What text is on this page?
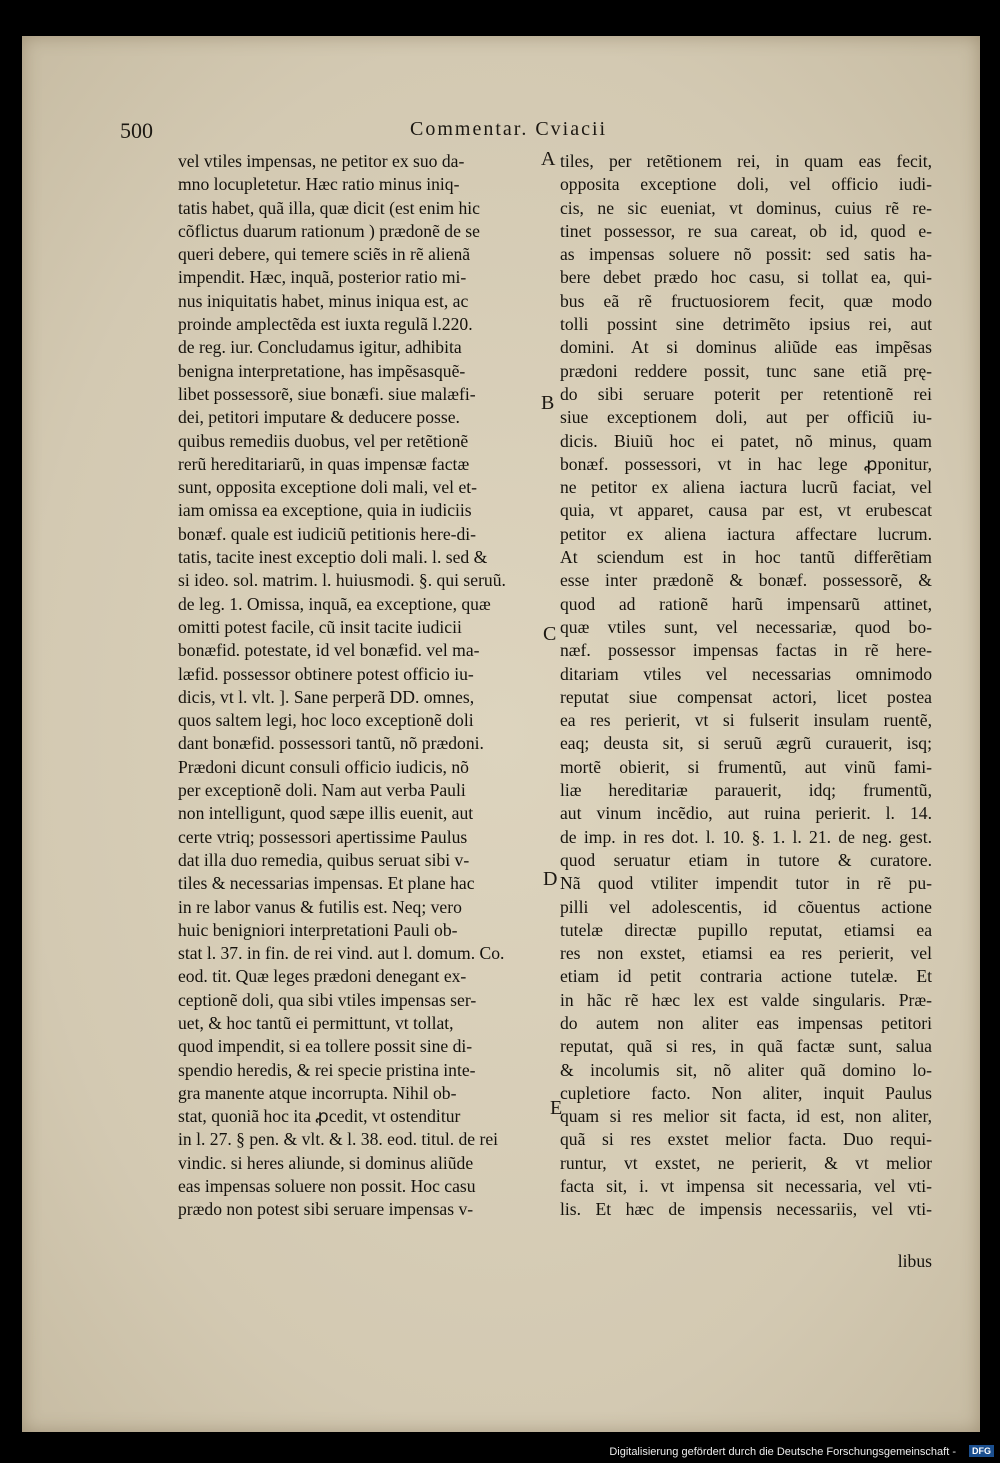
500	Commentar. Cviacii
vel vtiles impensas, ne petitor ex suo da-
mno locupletetur. Hæc ratio minus iniq-
tatis habet, quã illa, quæ dicit (est enim hic
cõflictus duarum rationum ) prædonẽ de se
queri debere, qui temere sciẽs in rẽ alienã
impendit. Hæc, inquã, posterior ratio mi-
nus iniquitatis habet, minus iniqua est, ac
proinde amplectẽda est iuxta regulã l.220.
de reg. iur. Concludamus igitur, adhibita
benigna interpretatione, has impẽsasquẽ-
libet possessorẽ, siue bonæfi. siue malæfi-
dei, petitori imputare & deducere posse.
quibus remediis duobus, vel per retẽtionẽ
rerũ hereditariarũ, in quas impensæ factæ
sunt, opposita exceptione doli mali, vel et-
iam omissa ea exceptione, quia in iudiciis
bonæf. quale est iudiciũ petitionis here-di-
tatis, tacite inest exceptio doli mali. l. sed &
si ideo. sol. matrim. l. huiusmodi. §. qui seruũ.
de leg. 1. Omissa, inquã, ea exceptione, quæ
omitti potest facile, cũ insit tacite iudicii
bonæfid. potestate, id vel bonæfid. vel ma-
læfid. possessor obtinere potest officio iu-
dicis, vt l. vlt. ]. Sane perperã DD. omnes,
quos saltem legi, hoc loco exceptionẽ doli
dant bonæfid. possessori tantũ, nõ prædoni.
Prædoni dicunt consuli officio iudicis, nõ
per exceptionẽ doli. Nam aut verba Pauli
non intelligunt, quod sæpe illis euenit, aut
certe vtriq; possessori apertissime Paulus
dat illa duo remedia, quibus seruat sibi v-
tiles & necessarias impensas. Et plane hac
in re labor vanus & futilis est. Neq; vero
huic benigniori interpretationi Pauli ob-
stat l. 37. in fin. de rei vind. aut l. domum. Co.
eod. tit. Quæ leges prædoni denegant ex-
ceptionẽ doli, qua sibi vtiles impensas ser-
uet, & hoc tantũ ei permittunt, vt tollat,
quod impendit, si ea tollere possit sine di-
spendio heredis, & rei specie pristina inte-
gra manente atque incorrupta. Nihil ob-
stat, quoniã hoc ita ꝓcedit, vt ostenditur
in l. 27. § pen. & vlt. & l. 38. eod. titul. de rei
vindic. si heres aliunde, si dominus aliũde
eas impensas soluere non possit. Hoc casu
prædo non potest sibi seruare impensas v-
tiles, per retẽtionem rei, in quam eas fecit,
opposita exceptione doli, vel officio iudi-
cis, ne sic eueniat, vt dominus, cuius rẽ re-
tinet possessor, re sua careat, ob id, quod e-
as impensas soluere nõ possit: sed satis ha-
bere debet prædo hoc casu, si tollat ea, qui-
bus eã rẽ fructuosiorem fecit, quæ modo
tolli possint sine detrimẽto ipsius rei, aut
domini. At si dominus aliũde eas impẽsas
prædoni reddere possit, tunc sane etiã prę-
do sibi seruare poterit per retentionẽ rei
siue exceptionem doli, aut per officiũ iu-
dicis. Biuiũ hoc ei patet, nõ minus, quam
bonæf. possessori, vt in hac lege ꝓponitur,
ne petitor ex aliena iactura lucrũ faciat, vel
quia, vt apparet, causa par est, vt erubescat
petitor ex aliena iactura affectare lucrum.
At sciendum est in hoc tantũ differẽtiam
esse inter prædonẽ & bonæf. possessorẽ, &
quod ad rationẽ harũ impensarũ attinet,
quæ vtiles sunt, vel necessariæ, quod bo-
næf. possessor impensas factas in rẽ here-
ditariam vtiles vel necessarias omnimodo
reputat siue compensat actori, licet postea
ea res perierit, vt si fulserit insulam ruentẽ,
eaq; deusta sit, si seruũ ægrũ curauerit, isq;
mortẽ obierit, si frumentũ, aut vinũ fami-
liæ hereditariæ parauerit, idq; frumentũ,
aut vinum incẽdio, aut ruina perierit. l. 14.
de imp. in res dot. l. 10. §. 1. l. 21. de neg. gest.
quod seruatur etiam in tutore & curatore.
Nã quod vtiliter impendit tutor in rẽ pu-
pilli vel adolescentis, id cõuentus actione
tutelæ directæ pupillo reputat, etiamsi ea
res non exstet, etiamsi ea res perierit, vel
etiam id petit contraria actione tutelæ. Et
in hãc rẽ hæc lex est valde singularis. Præ-
do autem non aliter eas impensas petitori
reputat, quã si res, in quã factæ sunt, salua
& incolumis sit, nõ aliter quã domino lo-
cupletiore facto. Non aliter, inquit Paulus
quam si res melior sit facta, id est, non aliter,
quã si res exstet melior facta. Duo requi-
runtur, vt exstet, ne perierit, & vt melior
facta sit, i. vt impensa sit necessaria, vel vti-
lis. Et hæc de impensis necessariis, vel vti-
libus
A
B
C
D
E
Digitalisierung gefördert durch die Deutsche Forschungsgemeinschaft -	DFG
